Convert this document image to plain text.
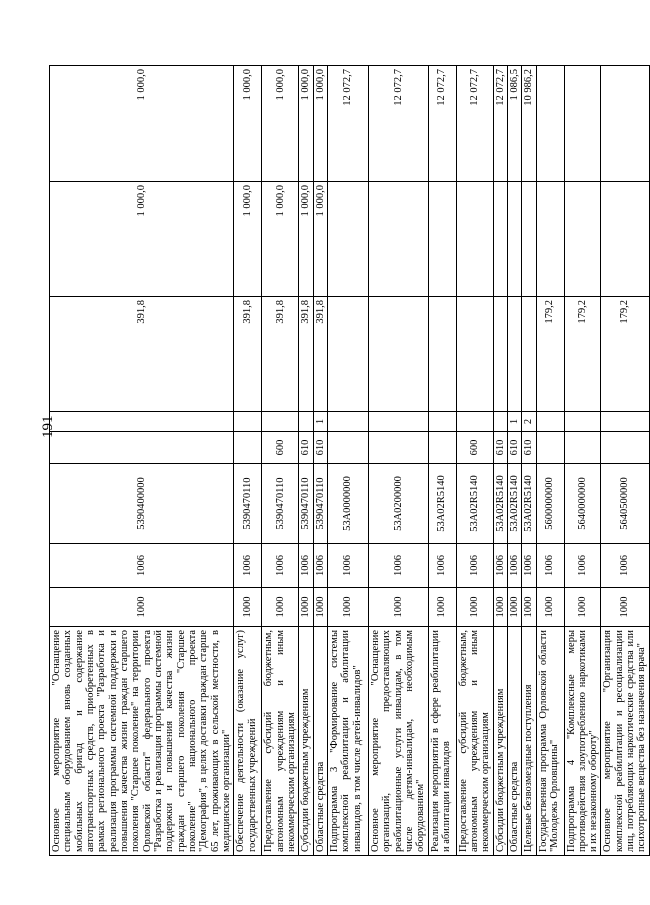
191
Основное мероприятие "Оснащение специальным оборудованием вновь созданных мобильных бригад и содержание автотранспортных средств, приобретенных в рамках регионального проекта "Разработка и реализация программы системной поддержки и повышения качества жизни граждан старшего поколения "Старшее поколение" на территории Орловской области" федерального проекта "Разработка и реализация программы системной поддержки и повышения качества жизни граждан старшего поколения "Старшее поколение" национального проекта "Демография", в целях доставки граждан старше 65 лет, проживающих в сельской местности, в медицинские организации"	1000	1006	5390400000			391,8	1 000,0	1 000,0
Обеспечение деятельности (оказание услуг) государственных учреждений	1000	1006	5390470110			391,8	1 000,0	1 000,0
Предоставление субсидий бюджетным, автономным учреждениям и иным некоммерческим организациям	1000	1006	5390470110	600		391,8	1 000,0	1 000,0
Субсидии бюджетным учреждениям	1000	1006	5390470110	610		391,8	1 000,0	1 000,0
Областные средства	1000	1006	5390470110	610	1	391,8	1 000,0	1 000,0
Подпрограмма 3 "Формирование системы комплексной реабилитации и абилитации инвалидов, в том числе детей-инвалидов"	1000	1006	53А0000000					12 072,7
Основное мероприятие "Оснащение организаций, предоставляющих реабилитационные услуги инвалидам, в том числе детям-инвалидам, необходимым оборудованием"	1000	1006	53А0200000					12 072,7
Реализация мероприятий в сфере реабилитации и абилитации инвалидов	1000	1006	53А02R5140					12 072,7
Предоставление субсидий бюджетным, автономным учреждениям и иным некоммерческим организациям	1000	1006	53А02R5140	600				12 072,7
Субсидии бюджетным учреждениям	1000	1006	53А02R5140	610				12 072,7
Областные средства	1000	1006	53А02R5140	610	1			1 086,5
Целевые безвозмездные поступления	1000	1006	53А02R5140	610	2			10 986,2
Государственная программа Орловской области "Молодежь Орловщины"	1000	1006	5600000000			179,2		
Подпрограмма 4 "Комплексные меры противодействия злоупотреблению наркотиками и их незаконному обороту"	1000	1006	5640000000			179,2		
Основное мероприятие "Организация комплексной реабилитации и ресоциализации лиц, потребляющих наркотические средства или психотропные вещества без назначения врача"	1000	1006	5640500000			179,2		
